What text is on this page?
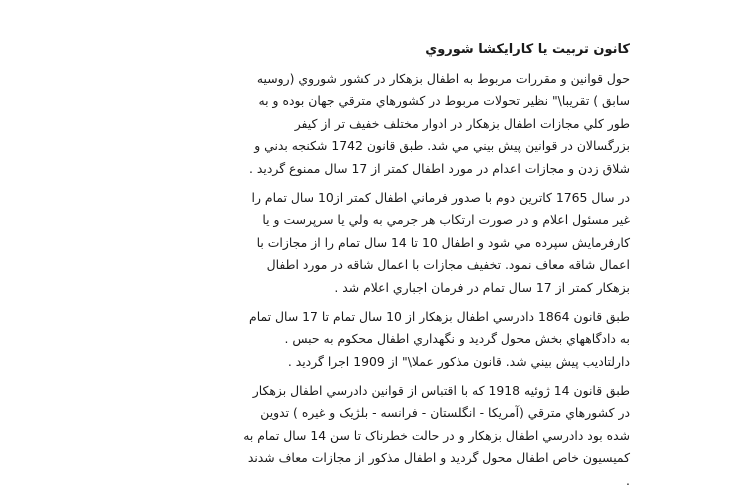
کانون تربيت يا کارايکشا شوروي
حول قوانين و مقررات مربوط به اطفال بزهکار در کشور شوروي (روسيه
سابق ) تقريبا\" نظير تحولات مربوط در کشورهاي مترقي جهان بوده و به
طور کلي مجازات اطفال بزهکار در ادوار مختلف خفيف تر از کيفر
بزرگسالان در قوانين پيش بيني مي شد. طبق قانون 1742 شکنجه بدني و
شلاق زدن و مجازات اعدام در مورد اطفال کمتر از 17 سال ممنوع گرديد .
در سال 1765 کاترين دوم با صدور فرماني اطفال کمتر از10 سال تمام را
غير مسئول اعلام و در صورت ارتکاب هر جرمي به ولي يا سرپرست و يا
کارفرمايش سپرده مي شود و اطفال 10 تا 14 سال تمام را از مجازات با
اعمال شاقه معاف نمود. تخفيف مجازات با اعمال شاقه در مورد اطفال
بزهکار کمتر از 17 سال تمام در فرمان اجباري اعلام شد .
طبق قانون 1864 دادرسي اطفال بزهکار از 10 سال تمام تا 17 سال تمام
به دادگاههاي بخش محول گرديد و نگهداري اطفال محکوم به حبس .
دارلتاديب پيش بيني شد. قانون مذکور عملا\" از 1909 اجرا گرديد .
طبق قانون 14 ژوئيه 1918 که با اقتباس از قوانين دادرسي اطفال بزهکار
در کشورهاي مترقي (آمريکا - انگلستان - فرانسه - بلژيک و غيره ) تدوين
شده بود دادرسي اطفال بزهکار و در حالت خطرناک تا سن 14 سال تمام به
کميسيون خاص اطفال محول گرديد و اطفال مذکور از مجازات معاف شدند
.
